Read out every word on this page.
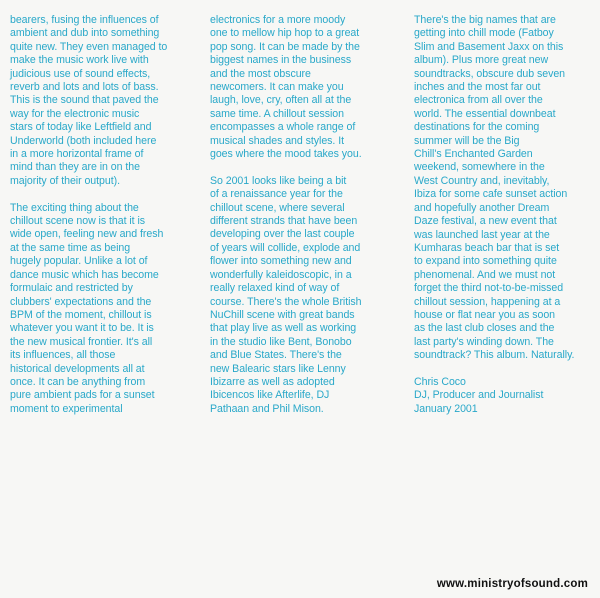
bearers, fusing the influences of
ambient and dub into something
quite new. They even managed to
make the music work live with
judicious use of sound effects,
reverb and lots and lots of bass.
This is the sound that paved the
way for the electronic music
stars of today like Leftfield and
Underworld (both included here
in a more horizontal frame of
mind than they are in on the
majority of their output).

The exciting thing about the
chillout scene now is that it is
wide open, feeling new and fresh
at the same time as being
hugely popular. Unlike a lot of
dance music which has become
formulaic and restricted by
clubbers' expectations and the
BPM of the moment, chillout is
whatever you want it to be. It is
the new musical frontier. It's all
its influences, all those
historical developments all at
once. It can be anything from
pure ambient pads for a sunset
moment to experimental

electronics for a more moody
one to mellow hip hop to a great
pop song. It can be made by the
biggest names in the business
and the most obscure
newcomers. It can make you
laugh, love, cry, often all at the
same time. A chillout session
encompasses a whole range of
musical shades and styles. It
goes where the mood takes you.

So 2001 looks like being a bit
of a renaissance year for the
chillout scene, where several
different strands that have been
developing over the last couple
of years will collide, explode and
flower into something new and
wonderfully kaleidoscopic, in a
really relaxed kind of way of
course. There's the whole British
NuChill scene with great bands
that play live as well as working
in the studio like Bent, Bonobo
and Blue States. There's the
new Balearic stars like Lenny
Ibizarre as well as adopted
Ibicencos like Afterlife, DJ
Pathaan and Phil Mison.

There's the big names that are
getting into chill mode (Fatboy
Slim and Basement Jaxx on this
album). Plus more great new
soundtracks, obscure dub seven
inches and the most far out
electronica from all over the
world. The essential downbeat
destinations for the coming
summer will be the Big
Chill's Enchanted Garden
weekend, somewhere in the
West Country and, inevitably,
Ibiza for some cafe sunset action
and hopefully another Dream
Daze festival, a new event that
was launched last year at the
Kumharas beach bar that is set
to expand into something quite
phenomenal. And we must not
forget the third not-to-be-missed
chillout session, happening at a
house or flat near you as soon
as the last club closes and the
last party's winding down. The
soundtrack? This album. Naturally.

Chris Coco
DJ, Producer and Journalist
January 2001

www.ministryofsound.com
